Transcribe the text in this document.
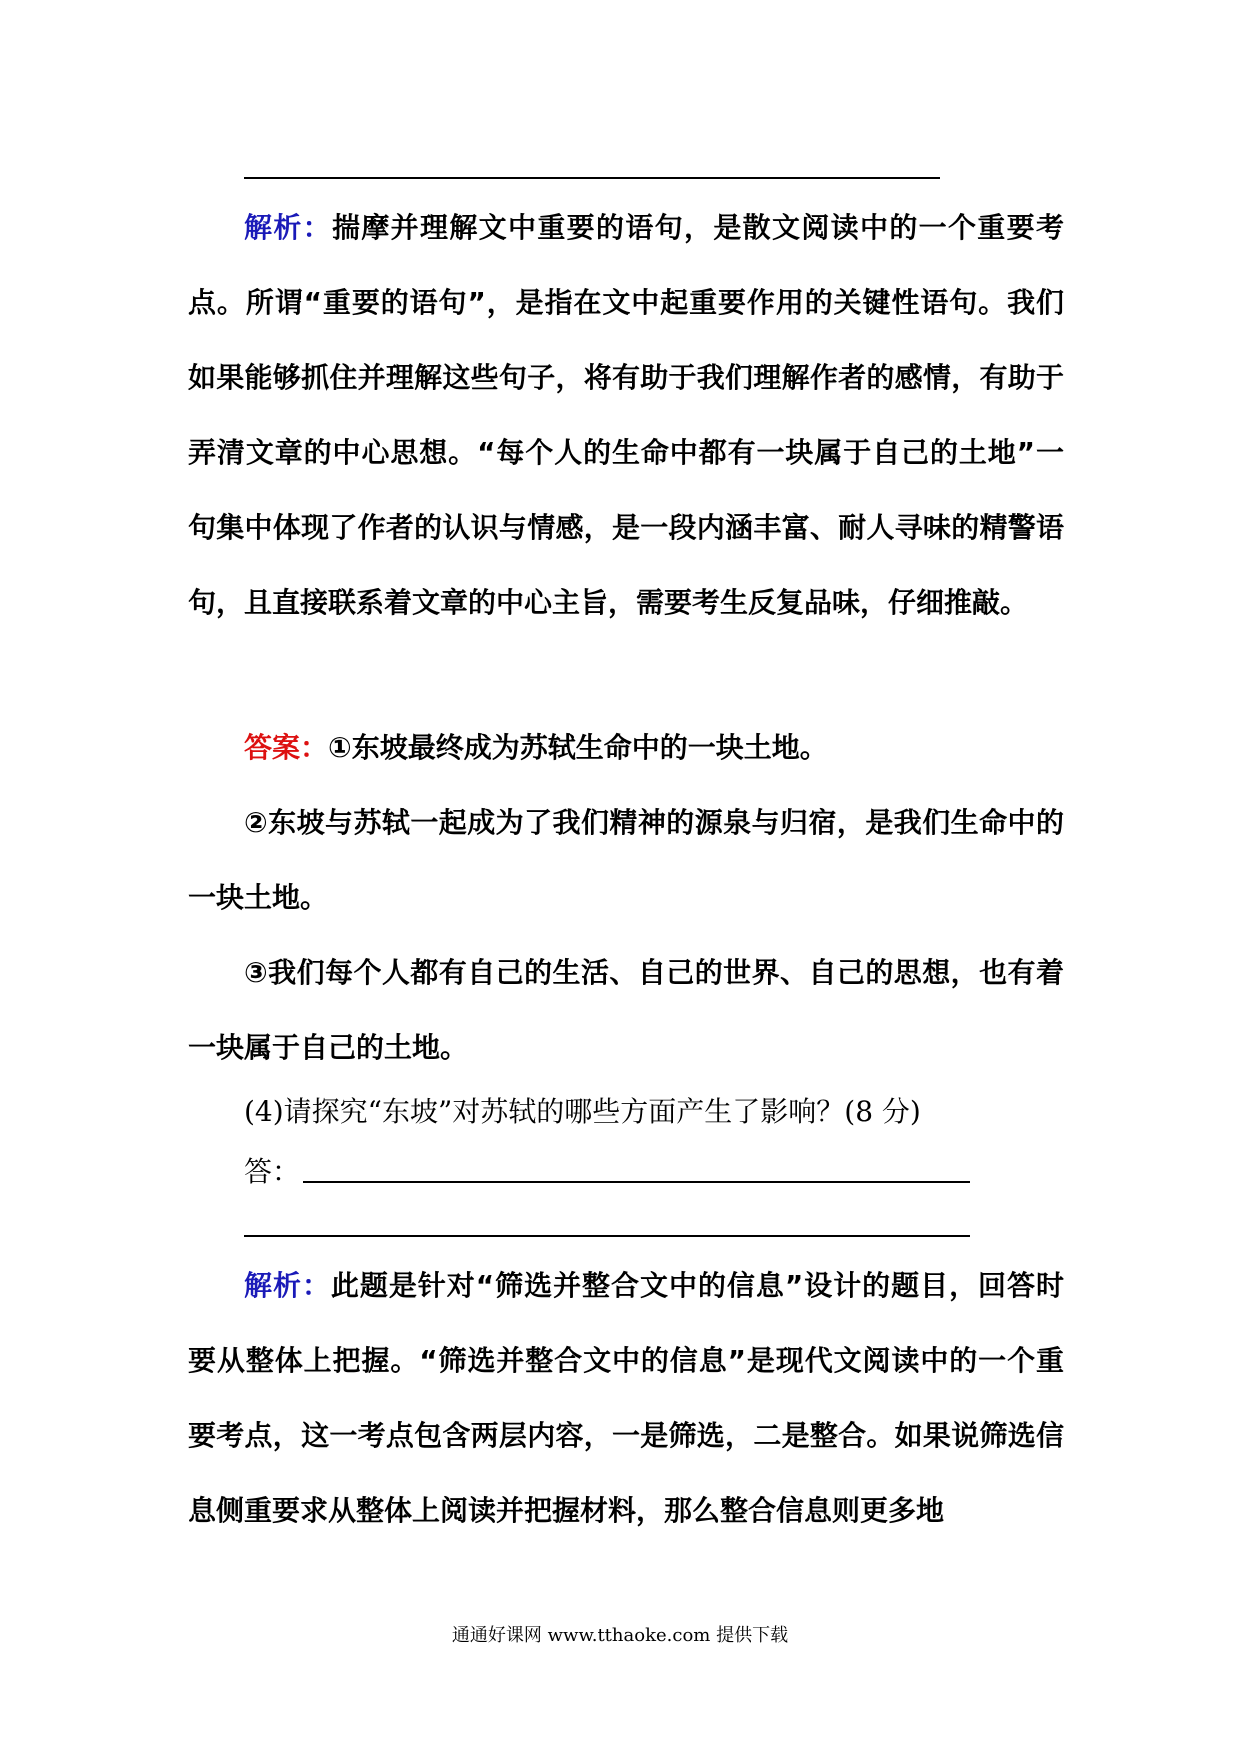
解析：揣摩并理解文中重要的语句，是散文阅读中的一个重要考点。所谓“重要的语句”，是指在文中起重要作用的关键性语句。我们如果能够抓住并理解这些句子，将有助于我们理解作者的感情，有助于弄清文章的中心思想。“每个人的生命中都有一块属于自己的土地”一句集中体现了作者的认识与情感，是一段内涵丰富、耐人寻味的精警语句，且直接联系着文章的中心主旨，需要考生反复品味，仔细推敲。

答案：①东坡最终成为苏轼生命中的一块土地。

②东坡与苏轼一起成为了我们精神的源泉与归宿，是我们生命中的一块土地。

③我们每个人都有自己的生活、自己的世界、自己的思想，也有着一块属于自己的土地。

(4)请探究“东坡”对苏轼的哪些方面产生了影响？(8 分)

答：

解析：此题是针对“筛选并整合文中的信息”设计的题目，回答时要从整体上把握。“筛选并整合文中的信息”是现代文阅读中的一个重要考点，这一考点包含两层内容，一是筛选，二是整合。如果说筛选信息侧重要求从整体上阅读并把握材料，那么整合信息则更多地

通通好课网 www.tthaoke.com 提供下载
